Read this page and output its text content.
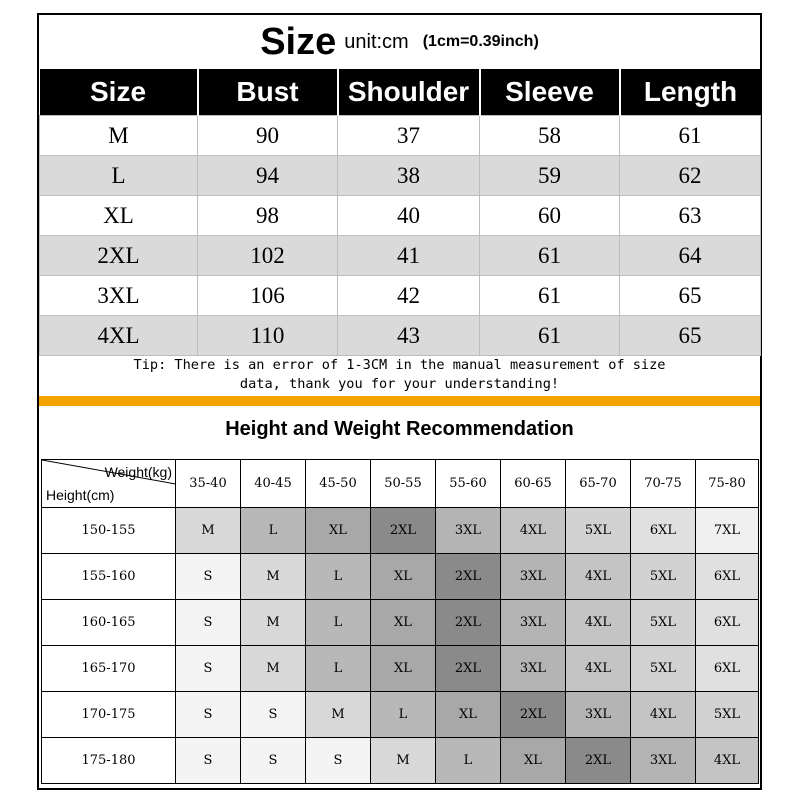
Size unit:cm (1cm=0.39inch)
Size	Bust	Shoulder	Sleeve	Length
M	90	37	58	61
L	94	38	59	62
XL	98	40	60	63
2XL	102	41	61	64
3XL	106	42	61	65
4XL	110	43	61	65
Tip: There is an error of 1-3CM in the manual measurement of size
data, thank you for your understanding!
Height and Weight Recommendation
Weight(kg)
Height(cm)	35-40	40-45	45-50	50-55	55-60	60-65	65-70	70-75	75-80
150-155	M	L	XL	2XL	3XL	4XL	5XL	6XL	7XL
155-160	S	M	L	XL	2XL	3XL	4XL	5XL	6XL
160-165	S	M	L	XL	2XL	3XL	4XL	5XL	6XL
165-170	S	M	L	XL	2XL	3XL	4XL	5XL	6XL
170-175	S	S	M	L	XL	2XL	3XL	4XL	5XL
175-180	S	S	S	M	L	XL	2XL	3XL	4XL
